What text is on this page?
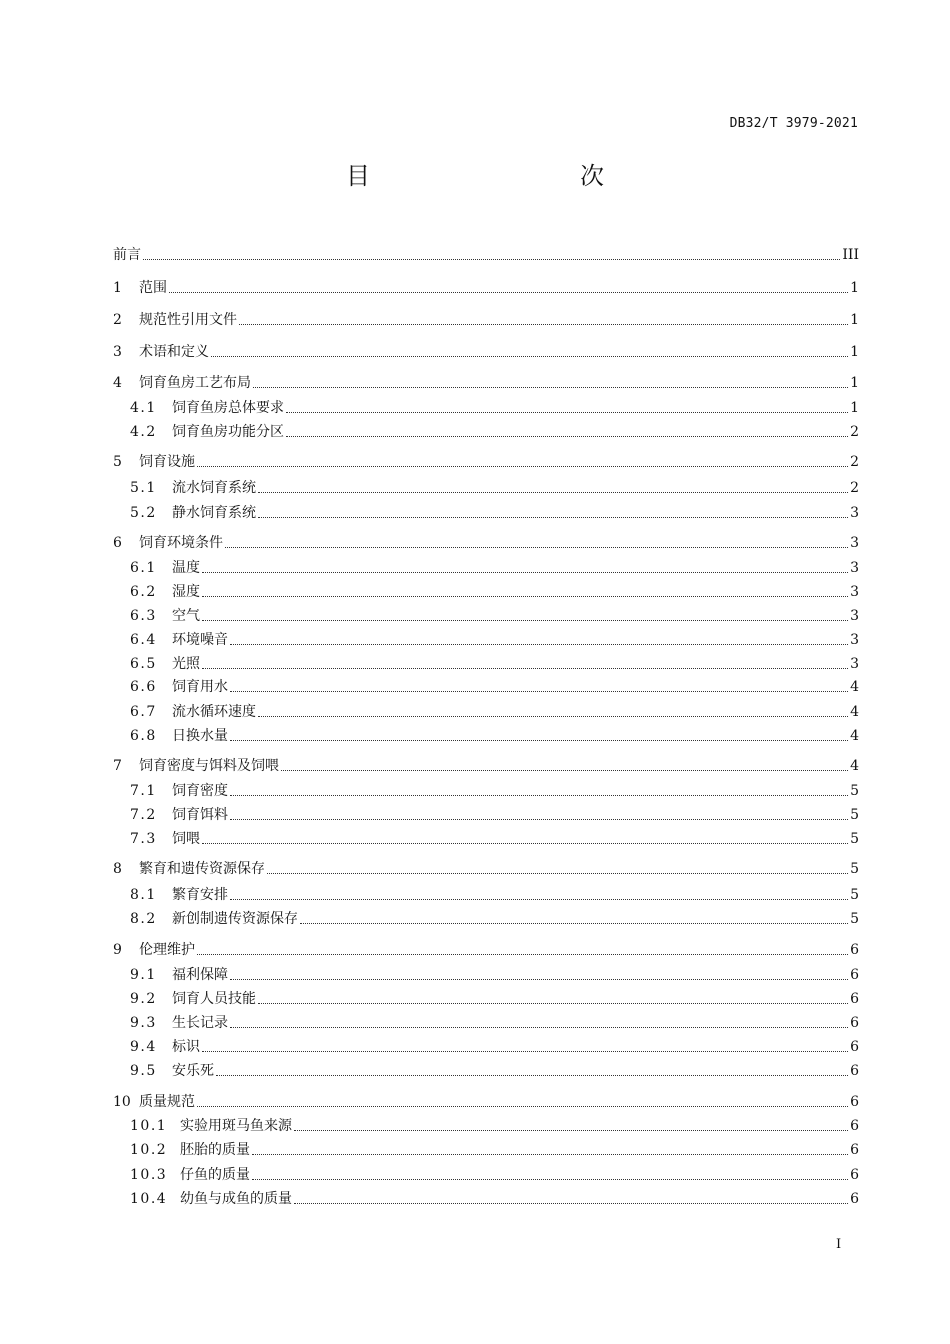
DB32/T 3979-2021
目　　次
前言	III
1	范围	1
2	规范性引用文件	1
3	术语和定义	1
4	饲育鱼房工艺布局	1
4.1	饲育鱼房总体要求	1
4.2	饲育鱼房功能分区	2
5	饲育设施	2
5.1	流水饲育系统	2
5.2	静水饲育系统	3
6	饲育环境条件	3
6.1	温度	3
6.2	湿度	3
6.3	空气	3
6.4	环境噪音	3
6.5	光照	3
6.6	饲育用水	4
6.7	流水循环速度	4
6.8	日换水量	4
7	饲育密度与饵料及饲喂	4
7.1	饲育密度	5
7.2	饲育饵料	5
7.3	饲喂	5
8	繁育和遗传资源保存	5
8.1	繁育安排	5
8.2	新创制遗传资源保存	5
9	伦理维护	6
9.1	福利保障	6
9.2	饲育人员技能	6
9.3	生长记录	6
9.4	标识	6
9.5	安乐死	6
10 质量规范	6
10.1 实验用斑马鱼来源	6
10.2 胚胎的质量	6
10.3 仔鱼的质量	6
10.4 幼鱼与成鱼的质量	6
I
